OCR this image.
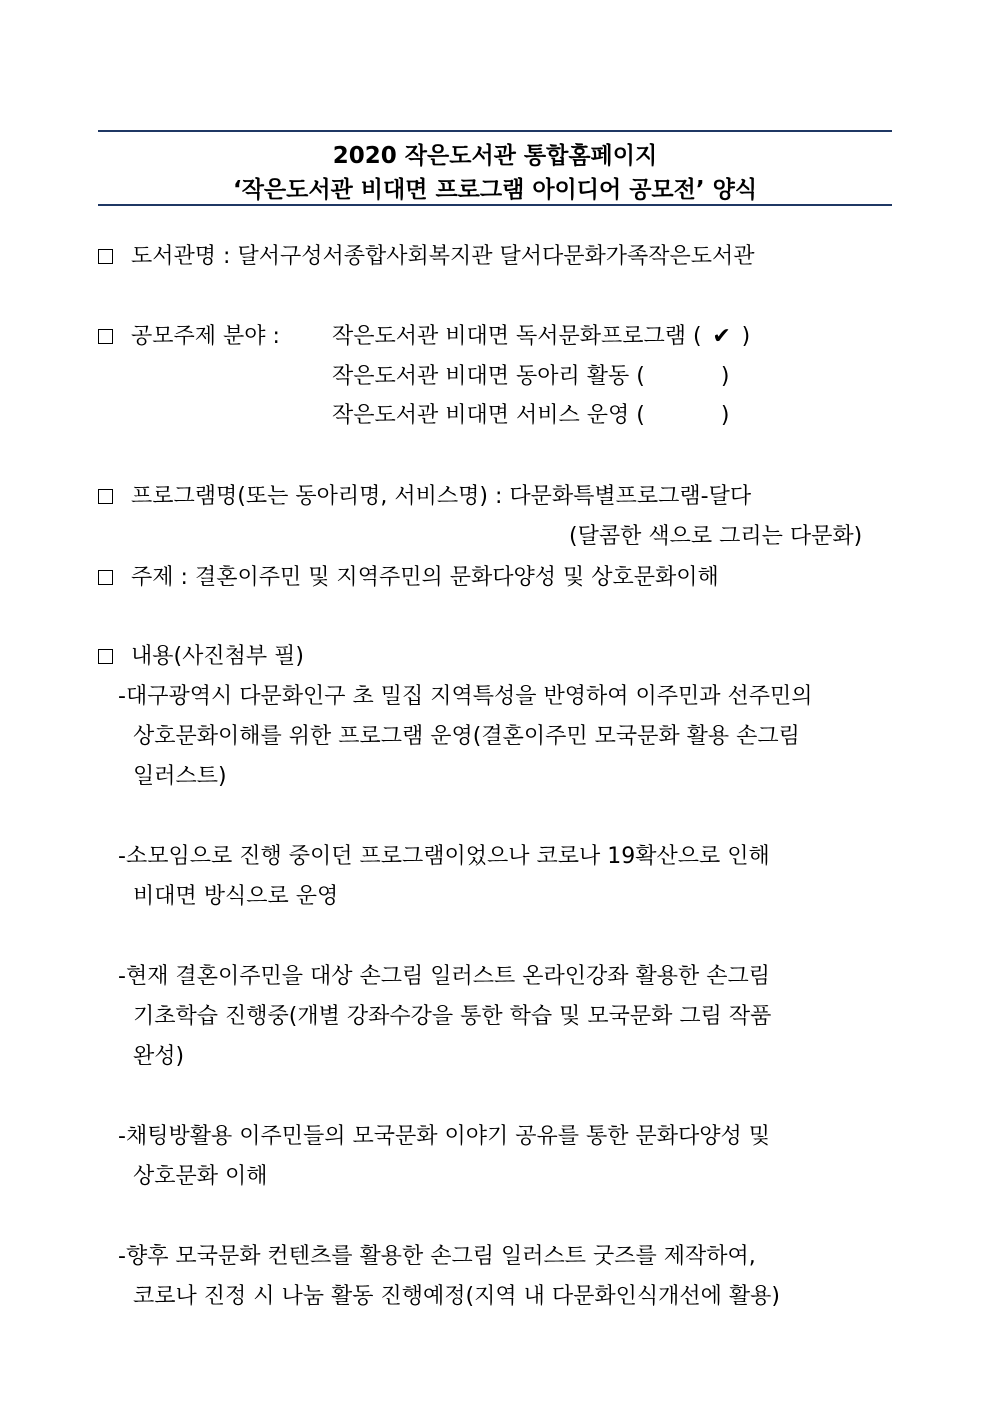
2020 작은도서관 통합홈페이지
‘작은도서관 비대면 프로그램 아이디어 공모전’ 양식
도서관명 : 달서구성서종합사회복지관 달서다문화가족작은도서관
공모주제 분야 : 작은도서관 비대면 독서문화프로그램 ( ✔ )
작은도서관 비대면 동아리 활동 (	)
작은도서관 비대면 서비스 운영 (	)
프로그램명(또는 동아리명, 서비스명) : 다문화특별프로그램-달다
(달콤한 색으로 그리는 다문화)
주제 : 결혼이주민 및 지역주민의 문화다양성 및 상호문화이해
내용(사진첨부 필)
-대구광역시 다문화인구 초 밀집 지역특성을 반영하여 이주민과 선주민의
상호문화이해를 위한 프로그램 운영(결혼이주민 모국문화 활용 손그림
일러스트)
-소모임으로 진행 중이던 프로그램이었으나 코로나 19확산으로 인해
비대면 방식으로 운영
-현재 결혼이주민을 대상 손그림 일러스트 온라인강좌 활용한 손그림
기초학습 진행중(개별 강좌수강을 통한 학습 및 모국문화 그림 작품
완성)
-채팅방활용 이주민들의 모국문화 이야기 공유를 통한 문화다양성 및
상호문화 이해
-향후 모국문화 컨텐츠를 활용한 손그림 일러스트 굿즈를 제작하여,
코로나 진정 시 나눔 활동 진행예정(지역 내 다문화인식개선에 활용)
